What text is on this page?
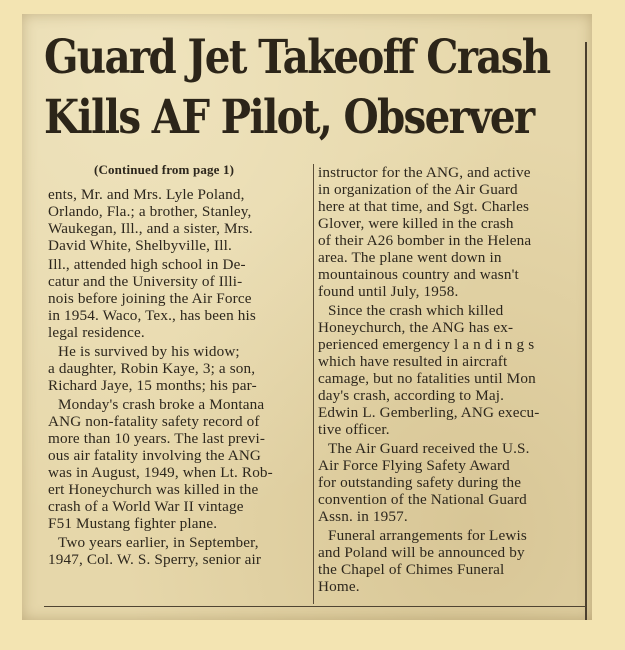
Guard Jet Takeoff Crash
Kills AF Pilot, Observer
(Continued from page 1)
ents, Mr. and Mrs. Lyle Poland,
Orlando, Fla.; a brother, Stanley,
Waukegan, Ill., and a sister, Mrs.
David White, Shelbyville, Ill.
Ill., attended high school in De-
catur and the University of Illi-
nois before joining the Air Force
in 1954. Waco, Tex., has been his
legal residence.
He is survived by his widow;
a daughter, Robin Kaye, 3; a son,
Richard Jaye, 15 months; his par-
Monday's crash broke a Montana
ANG non-fatality safety record of
more than 10 years. The last previ-
ous air fatality involving the ANG
was in August, 1949, when Lt. Rob-
ert Honeychurch was killed in the
crash of a World War II vintage
F51 Mustang fighter plane.
Two years earlier, in September,
1947, Col. W. S. Sperry, senior air
instructor for the ANG, and active
in organization of the Air Guard
here at that time, and Sgt. Charles
Glover, were killed in the crash
of their A26 bomber in the Helena
area. The plane went down in
mountainous country and wasn't
found until July, 1958.
Since the crash which killed
Honeychurch, the ANG has ex-
perienced emergency l a n d i n g s
which have resulted in aircraft
camage, but no fatalities until Mon
day's crash, according to Maj.
Edwin L. Gemberling, ANG execu-
tive officer.
The Air Guard received the U.S.
Air Force Flying Safety Award
for outstanding safety during the
convention of the National Guard
Assn. in 1957.
Funeral arrangements for Lewis
and Poland will be announced by
the Chapel of Chimes Funeral
Home.
